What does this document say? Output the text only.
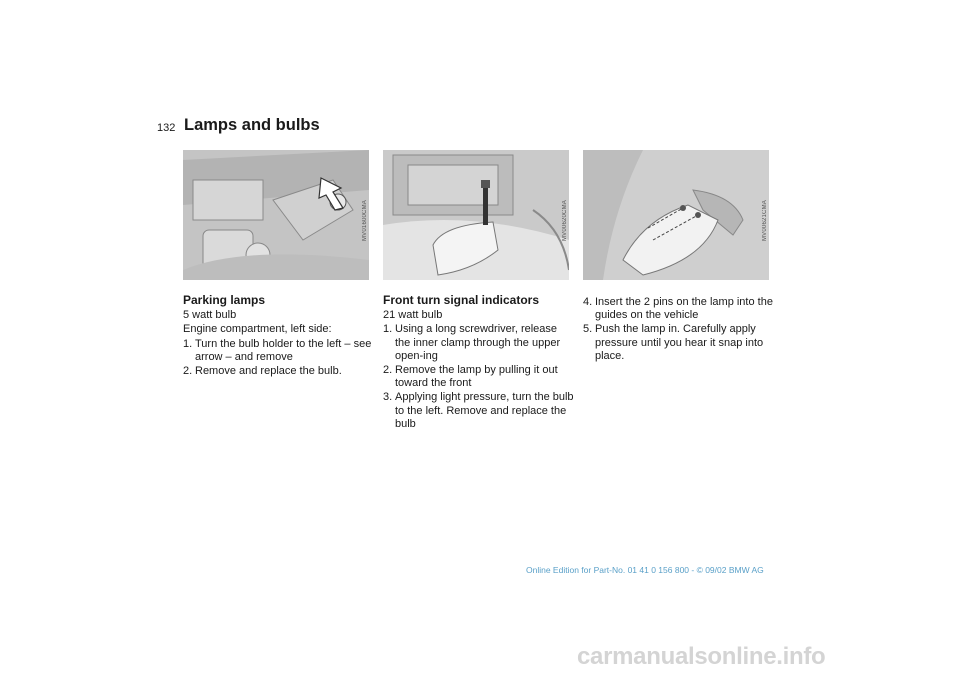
132 Lamps and bulbs
MV01600CMA	MV00620CMA	MV00621CMA
Parking lamps
5 watt bulb
Engine compartment, left side:
1. Turn the bulb holder to the left – see arrow – and remove
2. Remove and replace the bulb.
Front turn signal indicators
21 watt bulb
1. Using a long screwdriver, release the inner clamp through the upper open-ing
2. Remove the lamp by pulling it out toward the front
3. Applying light pressure, turn the bulb to the left. Remove and replace the bulb
4. Insert the 2 pins on the lamp into the guides on the vehicle
5. Push the lamp in. Carefully apply pressure until you hear it snap into place.
Online Edition for Part-No. 01 41 0 156 800 - © 09/02 BMW AG
carmanualsonline.info
